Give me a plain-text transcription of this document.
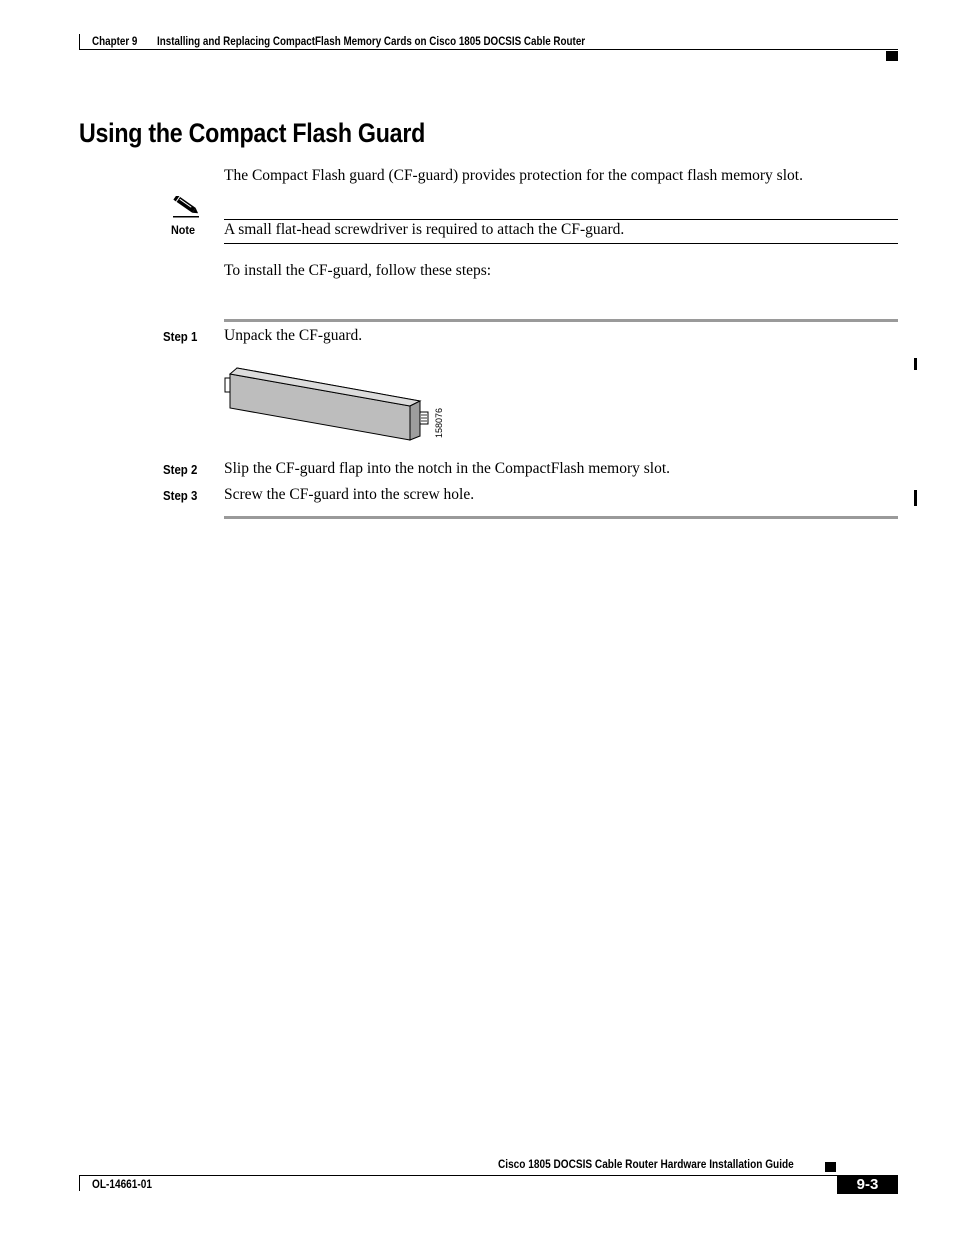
Chapter 9 Installing and Replacing CompactFlash Memory Cards on Cisco 1805 DOCSIS Cable Router
Using the Compact Flash Guard
The Compact Flash guard (CF-guard) provides protection for the compact flash memory slot.
Note A small flat-head screwdriver is required to attach the CF-guard.
To install the CF-guard, follow these steps:
Step 1 Unpack the CF-guard.
158076
Step 2 Slip the CF-guard flap into the notch in the CompactFlash memory slot.
Step 3 Screw the CF-guard into the screw hole.
Cisco 1805 DOCSIS Cable Router Hardware Installation Guide
OL-14661-01	9-3
